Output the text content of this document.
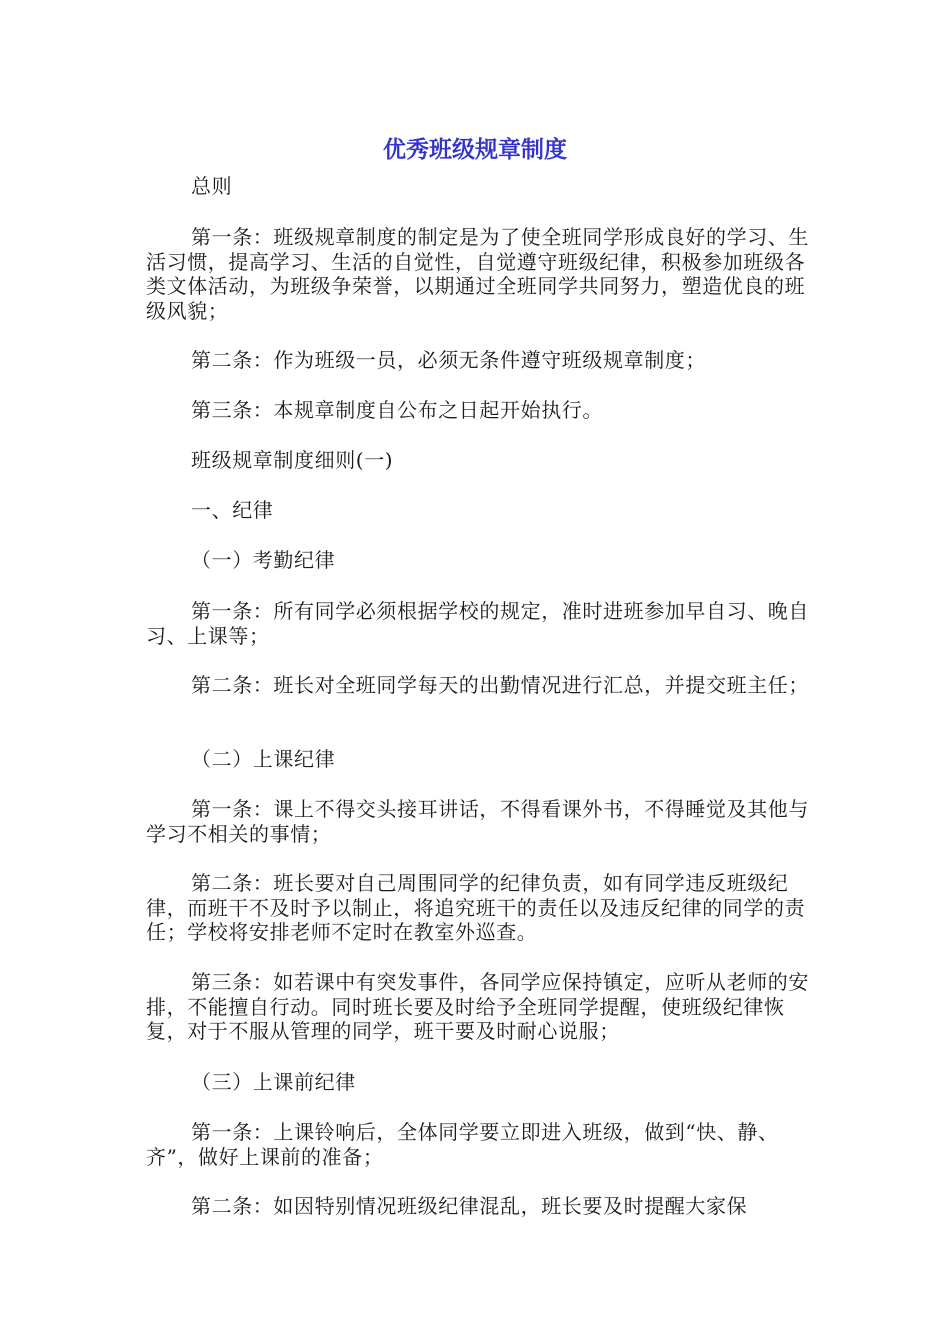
优秀班级规章制度

总则

第一条：班级规章制度的制定是为了使全班同学形成良好的学习、生活习惯，提高学习、生活的自觉性，自觉遵守班级纪律，积极参加班级各类文体活动，为班级争荣誉，以期通过全班同学共同努力，塑造优良的班级风貌；

第二条：作为班级一员，必须无条件遵守班级规章制度；

第三条：本规章制度自公布之日起开始执行。

班级规章制度细则(一)

一、纪律

（一）考勤纪律

第一条：所有同学必须根据学校的规定，准时进班参加早自习、晚自习、上课等；

第二条：班长对全班同学每天的出勤情况进行汇总，并提交班主任；

（二）上课纪律

第一条：课上不得交头接耳讲话，不得看课外书，不得睡觉及其他与学习不相关的事情；

第二条：班长要对自己周围同学的纪律负责，如有同学违反班级纪律，而班干不及时予以制止，将追究班干的责任以及违反纪律的同学的责任；学校将安排老师不定时在教室外巡查。

第三条：如若课中有突发事件，各同学应保持镇定，应听从老师的安排，不能擅自行动。同时班长要及时给予全班同学提醒，使班级纪律恢复，对于不服从管理的同学，班干要及时耐心说服；

（三）上课前纪律

第一条：上课铃响后，全体同学要立即进入班级，做到“快、静、齐”，做好上课前的准备；

第二条：如因特别情况班级纪律混乱，班长要及时提醒大家保
